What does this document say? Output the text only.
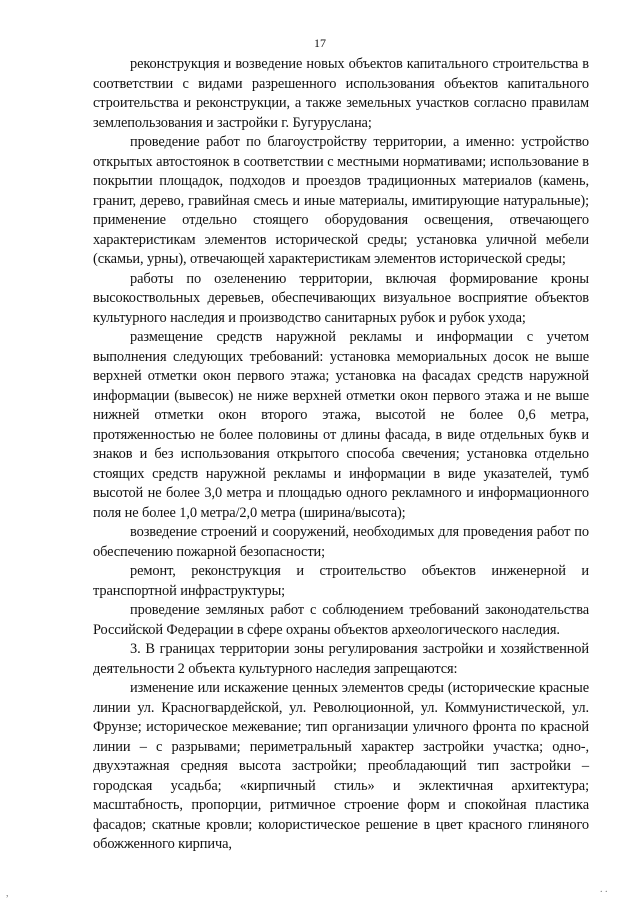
17

реконструкция и возведение новых объектов капитального строительства в соответствии с видами разрешенного использования объектов капитального строительства и реконструкции, а также земельных участков согласно правилам землепользования и застройки г. Бугуруслана;

проведение работ по благоустройству территории, а именно: устройство открытых автостоянок в соответствии с местными нормативами; использование в покрытии площадок, подходов и проездов традиционных материалов (камень, гранит, дерево, гравийная смесь и иные материалы, имитирующие натуральные); применение отдельно стоящего оборудования освещения, отвечающего характеристикам элементов исторической среды; установка уличной мебели (скамьи, урны), отвечающей характеристикам элементов исторической среды;

работы по озеленению территории, включая формирование кроны высокоствольных деревьев, обеспечивающих визуальное восприятие объектов культурного наследия и производство санитарных рубок и рубок ухода;

размещение средств наружной рекламы и информации с учетом выполнения следующих требований: установка мемориальных досок не выше верхней отметки окон первого этажа; установка на фасадах средств наружной информации (вывесок) не ниже верхней отметки окон первого этажа и не выше нижней отметки окон второго этажа, высотой не более 0,6 метра, протяженностью не более половины от длины фасада, в виде отдельных букв и знаков и без использования открытого способа свечения; установка отдельно стоящих средств наружной рекламы и информации в виде указателей, тумб высотой не более 3,0 метра и площадью одного рекламного и информационного поля не более 1,0 метра/2,0 метра (ширина/высота);

возведение строений и сооружений, необходимых для проведения работ по обеспечению пожарной безопасности;

ремонт, реконструкция и строительство объектов инженерной и транспортной инфраструктуры;

проведение земляных работ с соблюдением требований законодательства Российской Федерации в сфере охраны объектов археологического наследия.

3. В границах территории зоны регулирования застройки и хозяйственной деятельности 2 объекта культурного наследия запрещаются:

изменение или искажение ценных элементов среды (исторические красные линии ул. Красногвардейской, ул. Революционной, ул. Коммунистической, ул. Фрунзе; историческое межевание; тип организации уличного фронта по красной линии – с разрывами; периметральный характер застройки участка; одно-, двухэтажная средняя высота застройки; преобладающий тип застройки – городская усадьба; «кирпичный стиль» и эклектичная архитектура; масштабность, пропорции, ритмичное строение форм и спокойная пластика фасадов; скатные кровли; колористическое решение в цвет красного глиняного обожженного кирпича,

,	. .
